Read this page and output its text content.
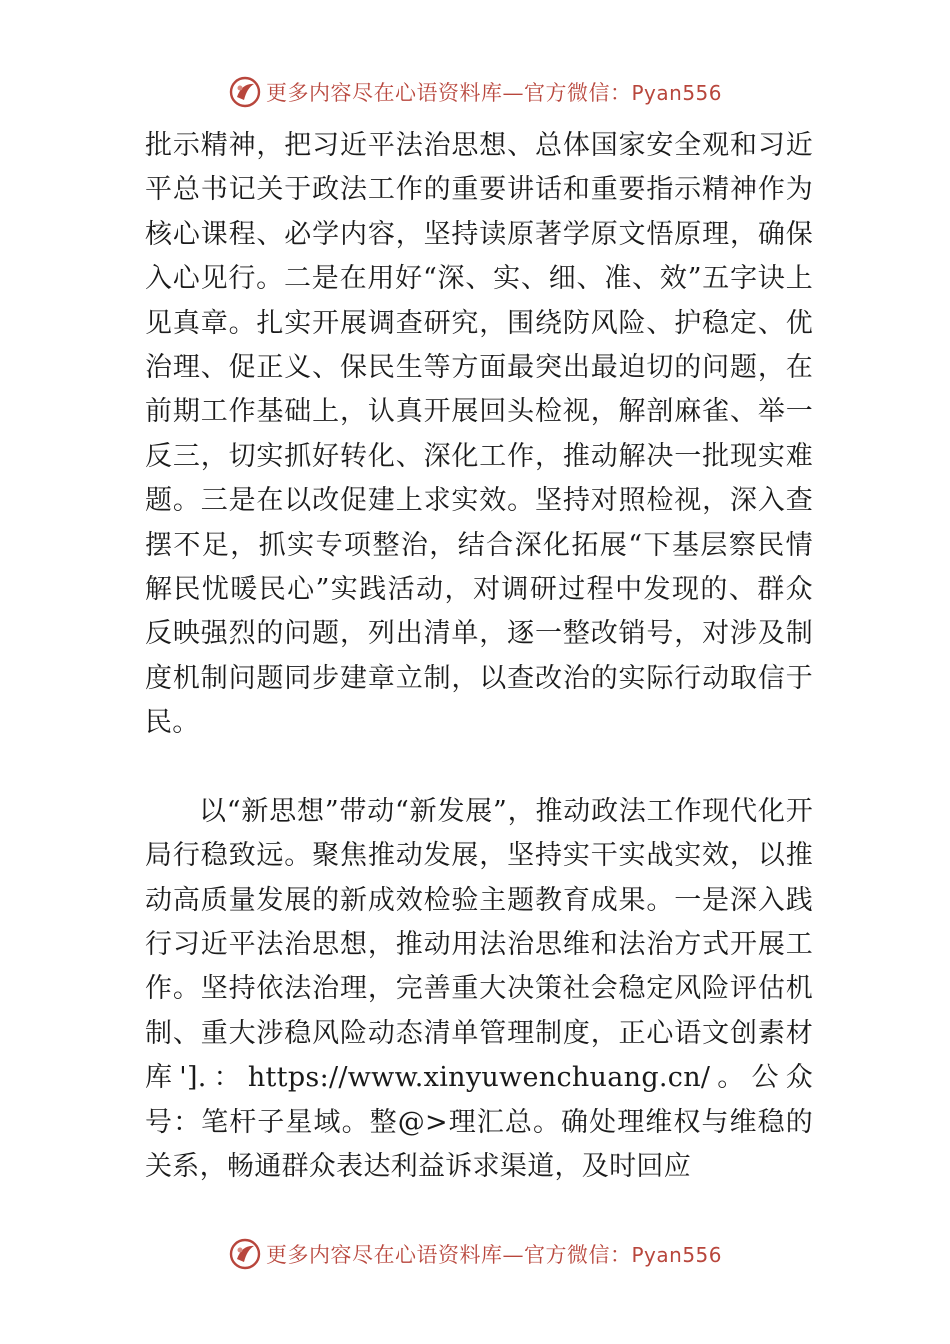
更多内容尽在心语资料库—官方微信：Pyan556

批示精神，把习近平法治思想、总体国家安全观和习近平总书记关于政法工作的重要讲话和重要指示精神作为核心课程、必学内容，坚持读原著学原文悟原理，确保入心见行。二是在用好“深、实、细、准、效”五字诀上见真章。扎实开展调查研究，围绕防风险、护稳定、优治理、促正义、保民生等方面最突出最迫切的问题，在前期工作基础上，认真开展回头检视，解剖麻雀、举一反三，切实抓好转化、深化工作，推动解决一批现实难题。三是在以改促建上求实效。坚持对照检视，深入查摆不足，抓实专项整治，结合深化拓展“下基层察民情解民忧暖民心”实践活动，对调研过程中发现的、群众反映强烈的问题，列出清单，逐一整改销号，对涉及制度机制问题同步建章立制，以查改治的实际行动取信于民。

以“新思想”带动“新发展”，推动政法工作现代化开局行稳致远。聚焦推动发展，坚持实干实战实效，以推动高质量发展的新成效检验主题教育成果。一是深入践行习近平法治思想，推动用法治思维和法治方式开展工作。坚持依法治理，完善重大决策社会稳定风险评估机制、重大涉稳风险动态清单管理制度，正心语文创素材库'].：https://www.xinyuwenchuang.cn/。公众号：笔杆子星域。整@>理汇总。确处理维权与维稳的关系，畅通群众表达利益诉求渠道，及时回应

更多内容尽在心语资料库—官方微信：Pyan556
